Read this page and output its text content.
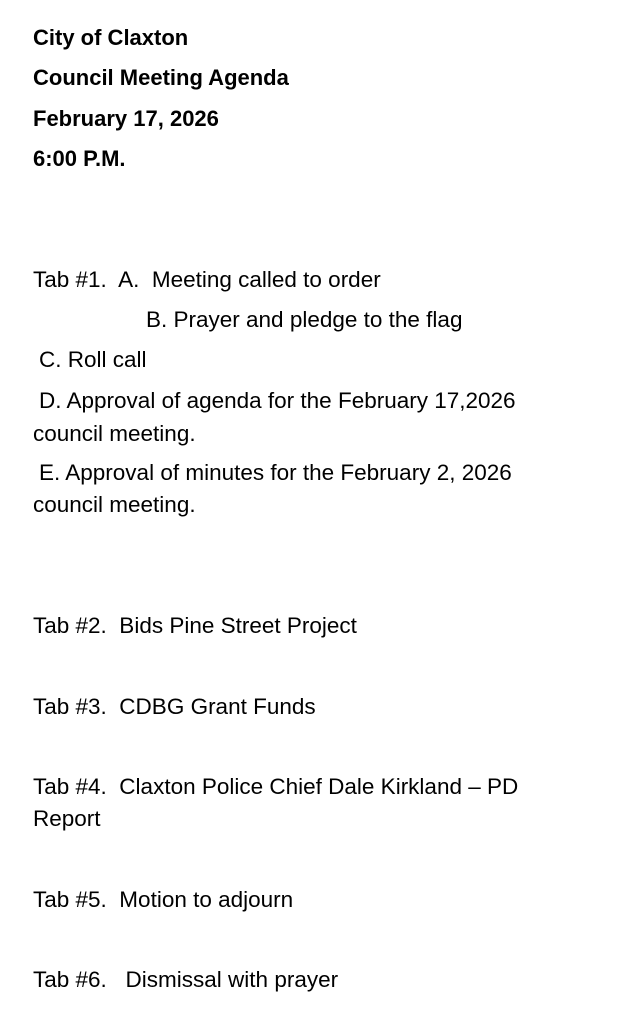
City of Claxton
Council Meeting Agenda
February 17, 2026
6:00 P.M.
Tab #1.  A.  Meeting called to order
B. Prayer and pledge to the flag
C. Roll call
D. Approval of agenda for the February 17,2026
council meeting.
E. Approval of minutes for the February 2, 2026
council meeting.
Tab #2.  Bids Pine Street Project
Tab #3.  CDBG Grant Funds
Tab #4.  Claxton Police Chief Dale Kirkland – PD
Report
Tab #5.  Motion to adjourn
Tab #6.   Dismissal with prayer
